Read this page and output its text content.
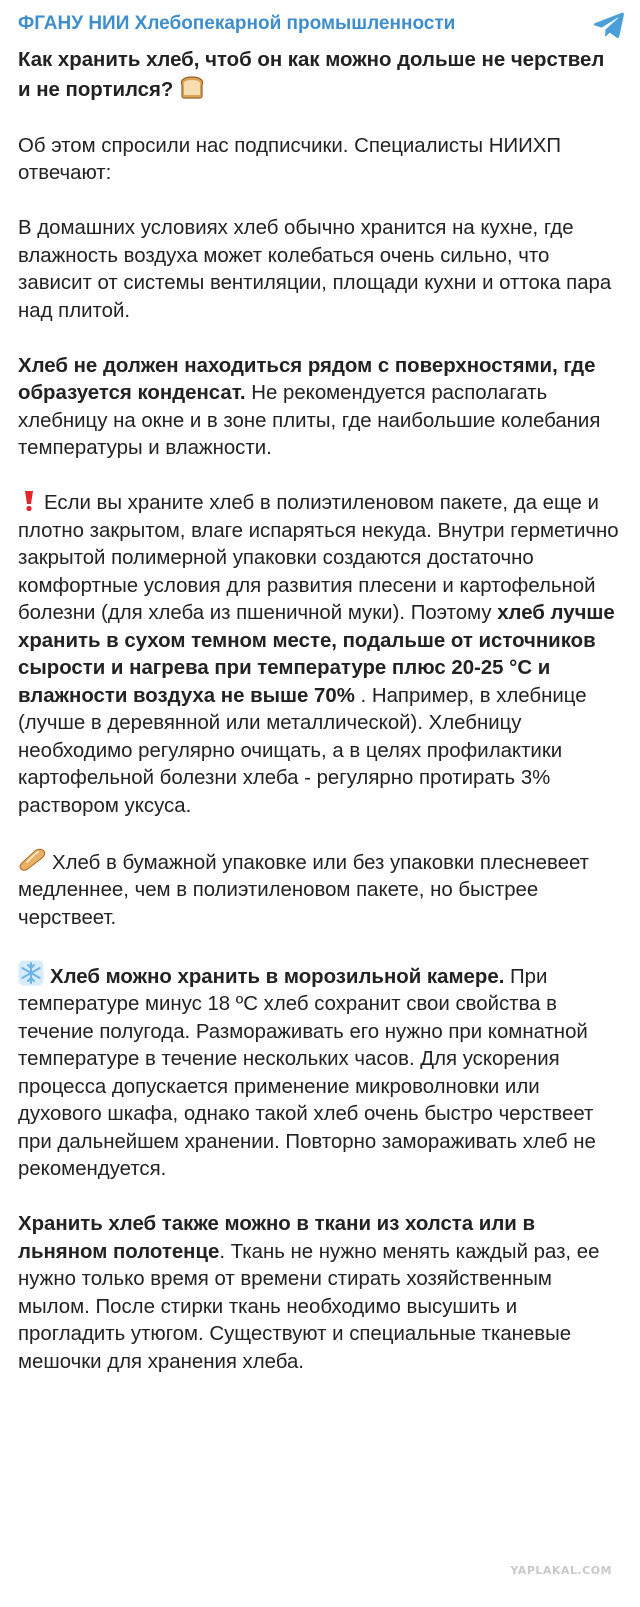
ФГАНУ НИИ Хлебопекарной промышленности
Как хранить хлеб, чтоб он как можно дольше не черствел и не портился?

Об этом спросили нас подписчики. Специалисты НИИХП отвечают:

В домашних условиях хлеб обычно хранится на кухне, где влажность воздуха может колебаться очень сильно, что зависит от системы вентиляции, площади кухни и оттока пара над плитой.

Хлеб не должен находиться рядом с поверхностями, где образуется конденсат. Не рекомендуется располагать хлебницу на окне и в зоне плиты, где наибольшие колебания температуры и влажности.

Если вы храните хлеб в полиэтиленовом пакете, да еще и плотно закрытом, влаге испаряться некуда. Внутри герметично закрытой полимерной упаковки создаются достаточно комфортные условия для развития плесени и картофельной болезни (для хлеба из пшеничной муки). Поэтому хлеб лучше хранить в сухом темном месте, подальше от источников сырости и нагрева при температуре плюс 20-25 °С и влажности воздуха не выше 70% . Например, в хлебнице (лучше в деревянной или металлической). Хлебницу необходимо регулярно очищать, а в целях профилактики картофельной болезни хлеба - регулярно протирать 3% раствором уксуса.

Хлеб в бумажной упаковке или без упаковки плесневеет медленнее, чем в полиэтиленовом пакете, но быстрее черствеет.

Хлеб можно хранить в морозильной камере. При температуре минус 18 ºС хлеб сохранит свои свойства в течение полугода. Размораживать его нужно при комнатной температуре в течение нескольких часов. Для ускорения процесса допускается применение микроволновки или духового шкафа, однако такой хлеб очень быстро черствеет при дальнейшем хранении. Повторно замораживать хлеб не рекомендуется.

Хранить хлеб также можно в ткани из холста или в льняном полотенце. Ткань не нужно менять каждый раз, ее нужно только время от времени стирать хозяйственным мылом. После стирки ткань необходимо высушить и прогладить утюгом. Существуют и специальные тканевые мешочки для хранения хлеба.

YAPLAKAL.COM
